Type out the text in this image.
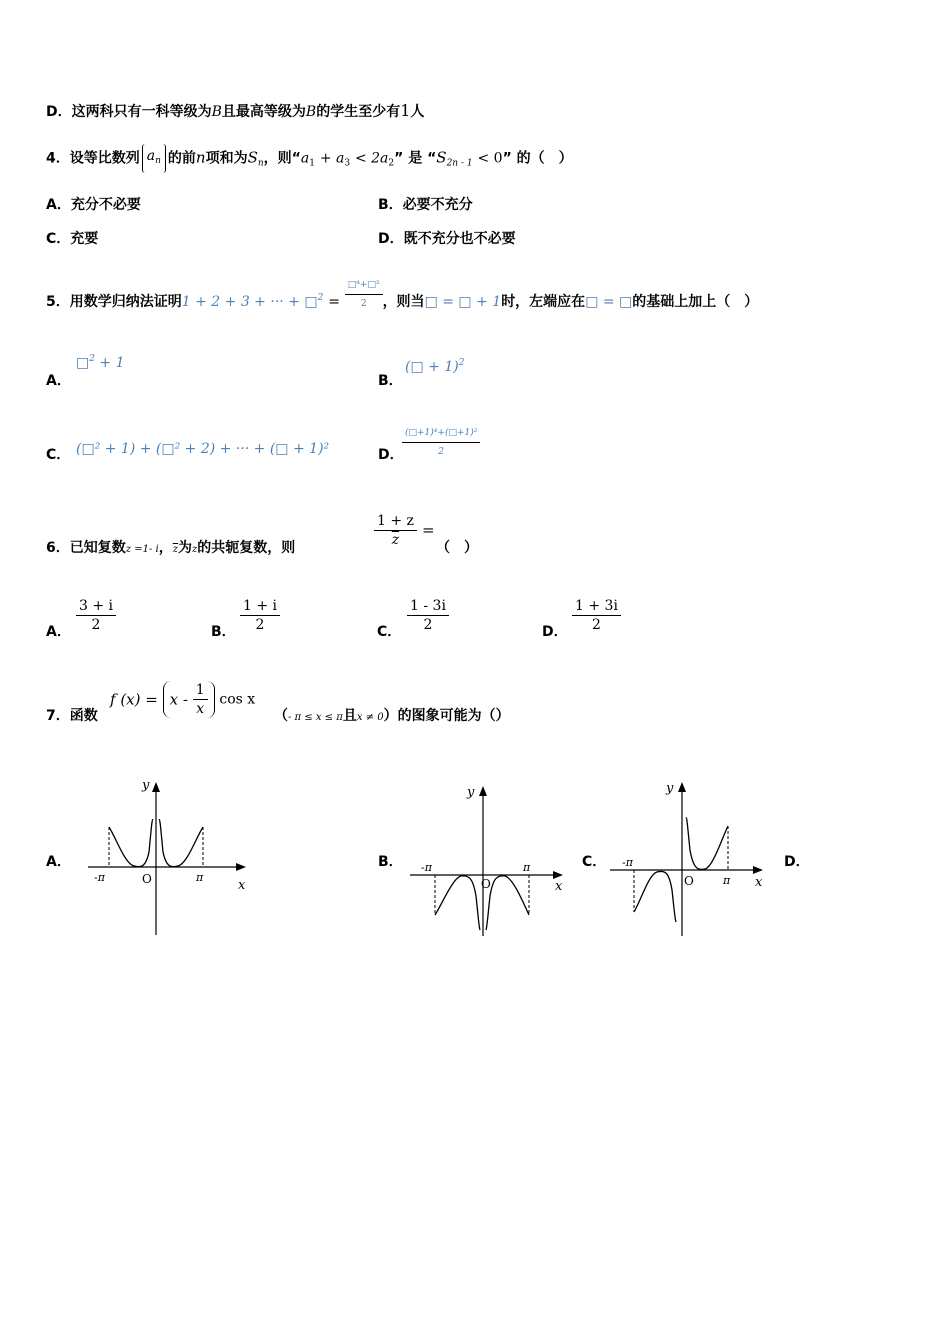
D．这两科只有一科等级为B且最高等级为B的学生至少有1人
4．设等比数列 $a_n$ 的前n项和为$S_n$，则“$a_1 + a_3 < 2a_2$” 是 “$S_{2n - 1} < 0$” 的（　）
A．充分不必要	B．必要不充分
C．充要	D．既不充分也不必要
5．用数学归纳法证明1 + 2 + 3 + ··· + □$^2$ = $\frac{\text{□⁴+□²}}{2}$ ，则当□ = □ + 1时，左端应在□ = □的基础上加上（　）
A．
□$^2$ + 1
B．
(□ + 1)$^2$
C． (□² + 1) + (□² + 2) + ··· + (□ + 1)²	D．
$\frac{\text{(□+1)⁴+(□+1)²}}{2}$
6．已知复数z =1- i，$\overline{z}$为z的共轭复数，则	$\frac{1 + z}{z}$ =
（　）
A． $\frac{3 + i}{2}$	B． $\frac{1 + i}{2}$	C． $\frac{1 - 3i}{2}$	D． $\frac{1 + 3i}{2}$
7．函数
f $(x) = x - \frac{1}{x}$ cos x
（- π ≤ x ≤ π且x ≠ 0）的图象可能为（）
A．	B．	C．	D．
y
x
O
-π	π
y
x
O
-π	π
y
x
O
-π
π
